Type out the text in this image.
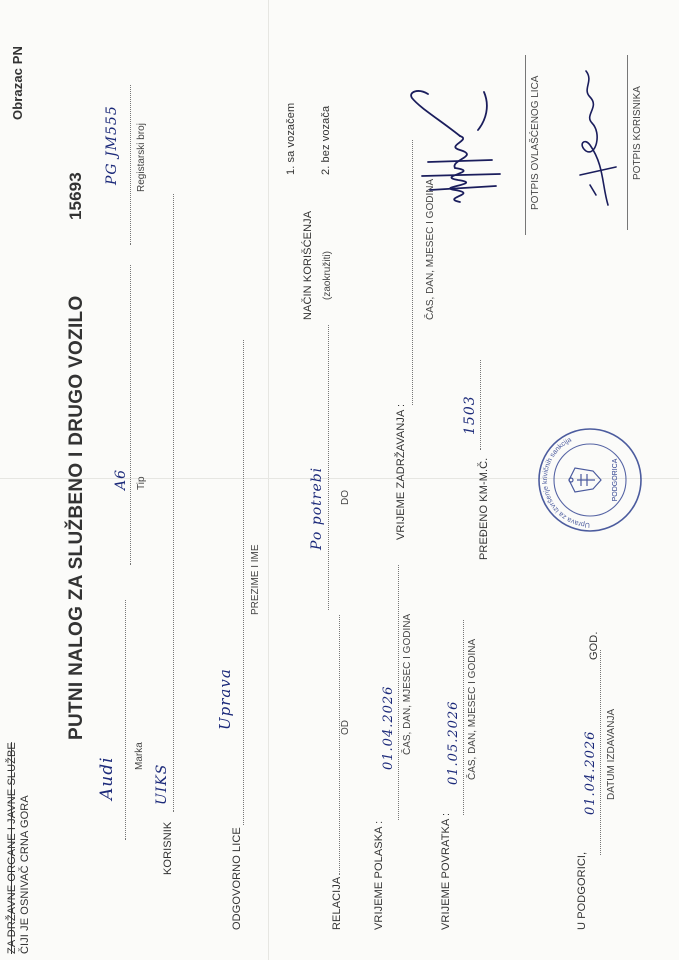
ZA DRŽAVNE ORGANE I JAVNE SLUŽBE ČIJI JE OSNIVAČ CRNA GORA
Obrazac PN
PUTNI NALOG ZA SLUŽBENO I DRUGO VOZILO
15693
Audi
Marka
A6 Tip
PG JM555 Registarski broj
KORISNIK
UIKS
NAČIN KORIŠĆENJA (zaokružiti)
1. sa vozačem 2. bez vozača
ODGOVORNO LICE
Uprava
PREZIME I IME
RELACIJA
OD
Po potrebi DO
VRIJEME POLASKA :
01.04.2026 ČAS, DAN, MJESEC I GODINA
VRIJEME ZADRŽAVANJA :
ČAS, DAN, MJESEC I GODINA
VRIJEME POVRATKA :
01.05.2026 ČAS, DAN, MJESEC I GODINA
PREĐENO KM-M.Č.
1503
U PODGORICI,
01.04.2026
GOD.
DATUM IZDAVANJA
Uprava za izvršenje krivičnih sankcija
PODGORICA
POTPIS OVLAŠĆENOG LICA	POTPIS KORISNIKA
